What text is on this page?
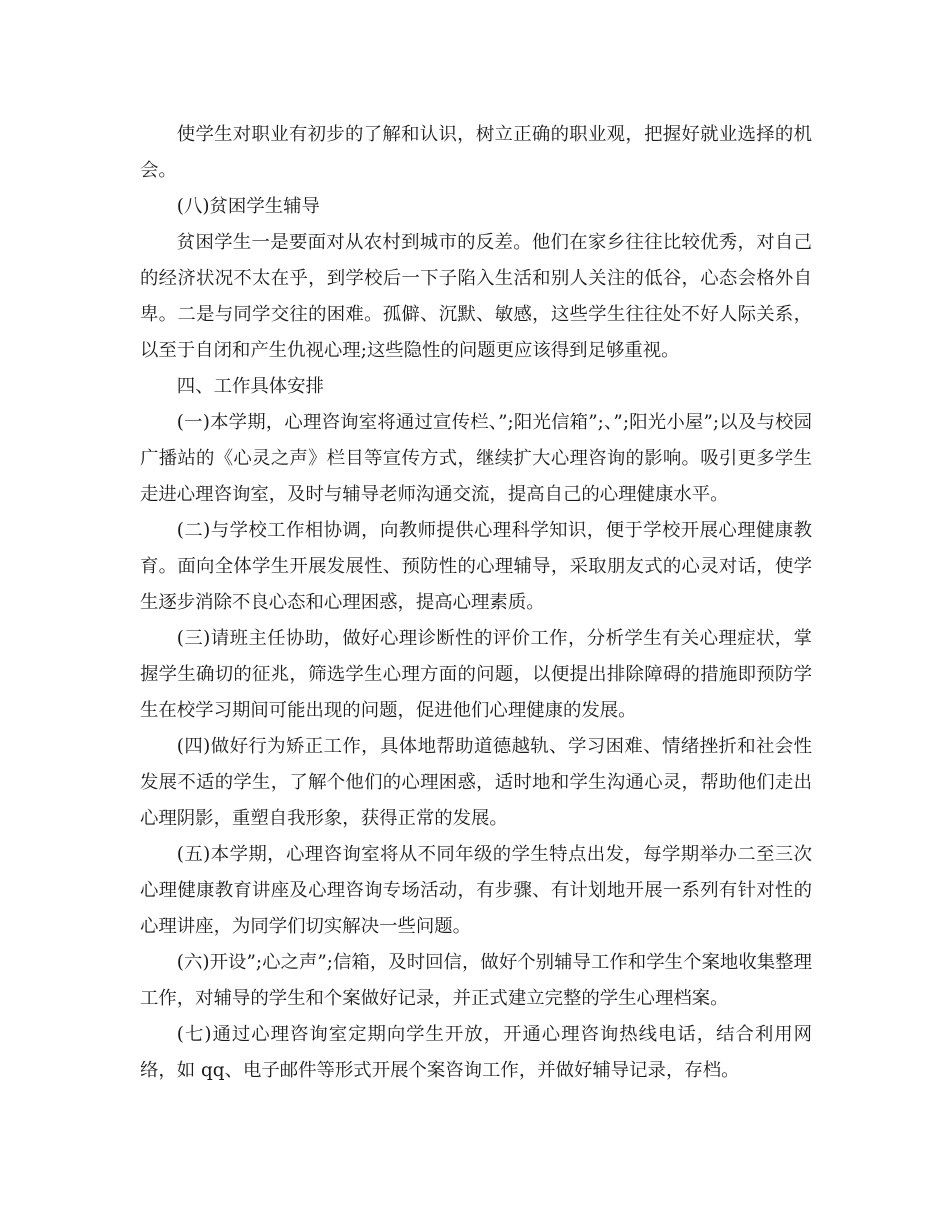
使学生对职业有初步的了解和认识，树立正确的职业观，把握好就业选择的机会。

(八)贫困学生辅导

贫困学生一是要面对从农村到城市的反差。他们在家乡往往比较优秀，对自己的经济状况不太在乎，到学校后一下子陷入生活和别人关注的低谷，心态会格外自卑。二是与同学交往的困难。孤僻、沉默、敏感，这些学生往往处不好人际关系，以至于自闭和产生仇视心理;这些隐性的问题更应该得到足够重视。

四、工作具体安排

(一)本学期，心理咨询室将通过宣传栏、”;阳光信箱”;、”;阳光小屋”;以及与校园广播站的《心灵之声》栏目等宣传方式，继续扩大心理咨询的影响。吸引更多学生走进心理咨询室，及时与辅导老师沟通交流，提高自己的心理健康水平。

(二)与学校工作相协调，向教师提供心理科学知识，便于学校开展心理健康教育。面向全体学生开展发展性、预防性的心理辅导，采取朋友式的心灵对话，使学生逐步消除不良心态和心理困惑，提高心理素质。

(三)请班主任协助，做好心理诊断性的评价工作，分析学生有关心理症状，掌握学生确切的征兆，筛选学生心理方面的问题，以便提出排除障碍的措施即预防学生在校学习期间可能出现的问题，促进他们心理健康的发展。

(四)做好行为矫正工作，具体地帮助道德越轨、学习困难、情绪挫折和社会性发展不适的学生，了解个他们的心理困惑，适时地和学生沟通心灵，帮助他们走出心理阴影，重塑自我形象，获得正常的发展。

(五)本学期，心理咨询室将从不同年级的学生特点出发，每学期举办二至三次心理健康教育讲座及心理咨询专场活动，有步骤、有计划地开展一系列有针对性的心理讲座，为同学们切实解决一些问题。

(六)开设”;心之声”;信箱，及时回信，做好个别辅导工作和学生个案地收集整理工作，对辅导的学生和个案做好记录，并正式建立完整的学生心理档案。

(七)通过心理咨询室定期向学生开放，开通心理咨询热线电话，结合利用网络，如 qq、电子邮件等形式开展个案咨询工作，并做好辅导记录，存档。
